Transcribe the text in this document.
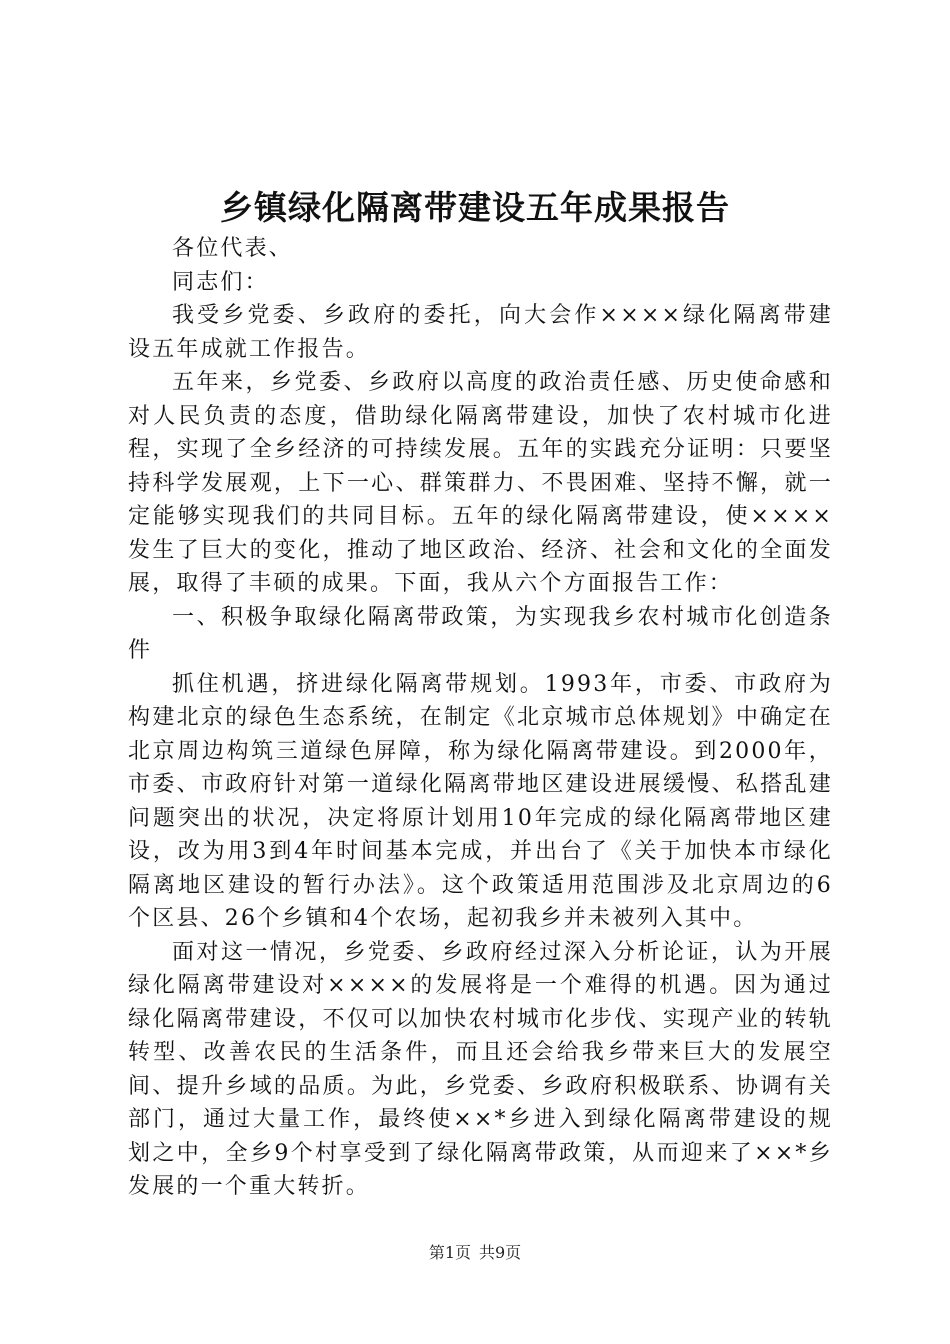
乡镇绿化隔离带建设五年成果报告

各位代表、

同志们：

我受乡党委、乡政府的委托，向大会作××××绿化隔离带建设五年成就工作报告。

五年来，乡党委、乡政府以高度的政治责任感、历史使命感和对人民负责的态度，借助绿化隔离带建设，加快了农村城市化进程，实现了全乡经济的可持续发展。五年的实践充分证明：只要坚持科学发展观，上下一心、群策群力、不畏困难、坚持不懈，就一定能够实现我们的共同目标。五年的绿化隔离带建设，使××××发生了巨大的变化，推动了地区政治、经济、社会和文化的全面发展，取得了丰硕的成果。下面，我从六个方面报告工作：

一、积极争取绿化隔离带政策，为实现我乡农村城市化创造条件

抓住机遇，挤进绿化隔离带规划。1993年，市委、市政府为构建北京的绿色生态系统，在制定《北京城市总体规划》中确定在北京周边构筑三道绿色屏障，称为绿化隔离带建设。到2000年，市委、市政府针对第一道绿化隔离带地区建设进展缓慢、私搭乱建问题突出的状况，决定将原计划用10年完成的绿化隔离带地区建设，改为用3到4年时间基本完成，并出台了《关于加快本市绿化隔离地区建设的暂行办法》。这个政策适用范围涉及北京周边的6个区县、26个乡镇和4个农场，起初我乡并未被列入其中。

面对这一情况，乡党委、乡政府经过深入分析论证，认为开展绿化隔离带建设对××××的发展将是一个难得的机遇。因为通过绿化隔离带建设，不仅可以加快农村城市化步伐、实现产业的转轨转型、改善农民的生活条件，而且还会给我乡带来巨大的发展空间、提升乡域的品质。为此，乡党委、乡政府积极联系、协调有关部门，通过大量工作，最终使××*乡进入到绿化隔离带建设的规划之中，全乡9个村享受到了绿化隔离带政策，从而迎来了××*乡发展的一个重大转折。

第1页 共9页
